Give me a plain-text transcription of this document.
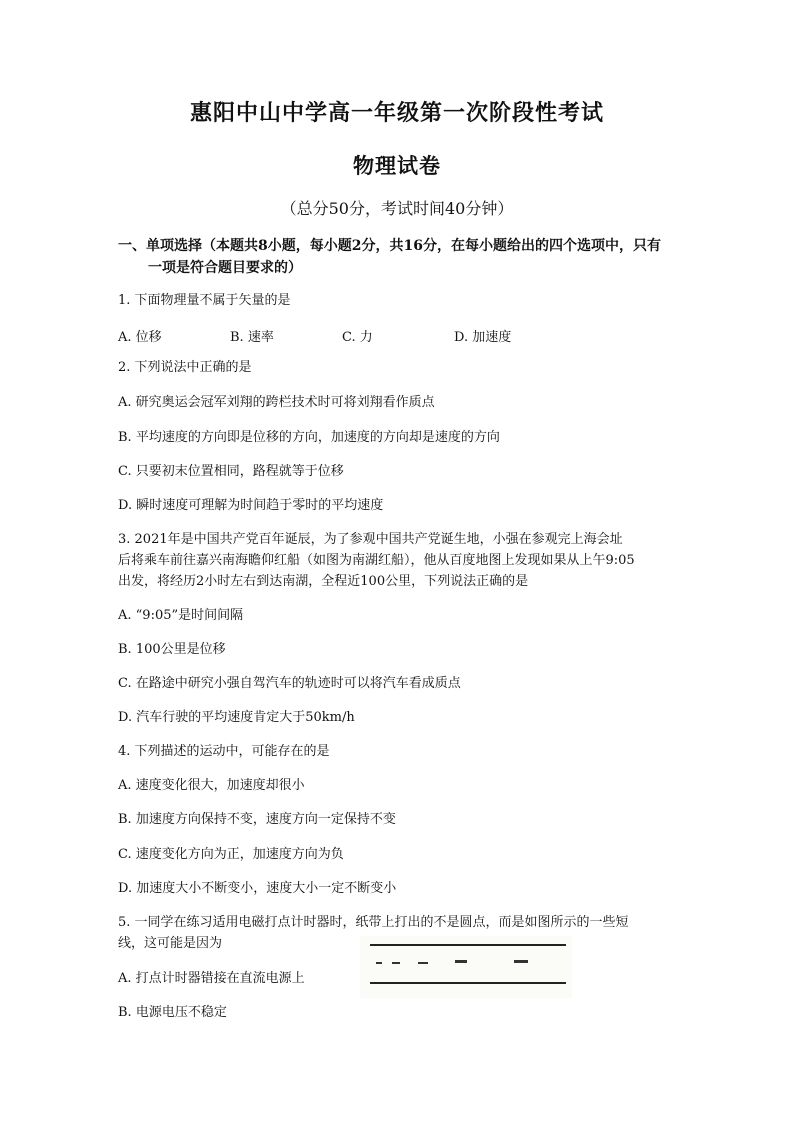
惠阳中山中学高一年级第一次阶段性考试
物理试卷
（总分50分，考试时间40分钟）
一、单项选择（本题共8小题，每小题2分，共16分，在每小题给出的四个选项中，只有
一项是符合题目要求的）
1. 下面物理量不属于矢量的是
A. 位移	B. 速率	C. 力	D. 加速度
2. 下列说法中正确的是
A. 研究奥运会冠军刘翔的跨栏技术时可将刘翔看作质点
B. 平均速度的方向即是位移的方向，加速度的方向却是速度的方向
C. 只要初末位置相同，路程就等于位移
D. 瞬时速度可理解为时间趋于零时的平均速度
3. 2021年是中国共产党百年诞辰，为了参观中国共产党诞生地，小强在参观完上海会址
后将乘车前往嘉兴南海瞻仰红船（如图为南湖红船），他从百度地图上发现如果从上午9:05
出发，将经历2小时左右到达南湖，全程近100公里，下列说法正确的是
A. “9:05”是时间间隔
B. 100公里是位移
C. 在路途中研究小强自驾汽车的轨迹时可以将汽车看成质点
D. 汽车行驶的平均速度肯定大于50km/h
4. 下列描述的运动中，可能存在的是
A. 速度变化很大，加速度却很小
B. 加速度方向保持不变，速度方向一定保持不变
C. 速度变化方向为正，加速度方向为负
D. 加速度大小不断变小，速度大小一定不断变小
5. 一同学在练习适用电磁打点计时器时，纸带上打出的不是圆点，而是如图所示的一些短
线，这可能是因为
A. 打点计时器错接在直流电源上
B. 电源电压不稳定
